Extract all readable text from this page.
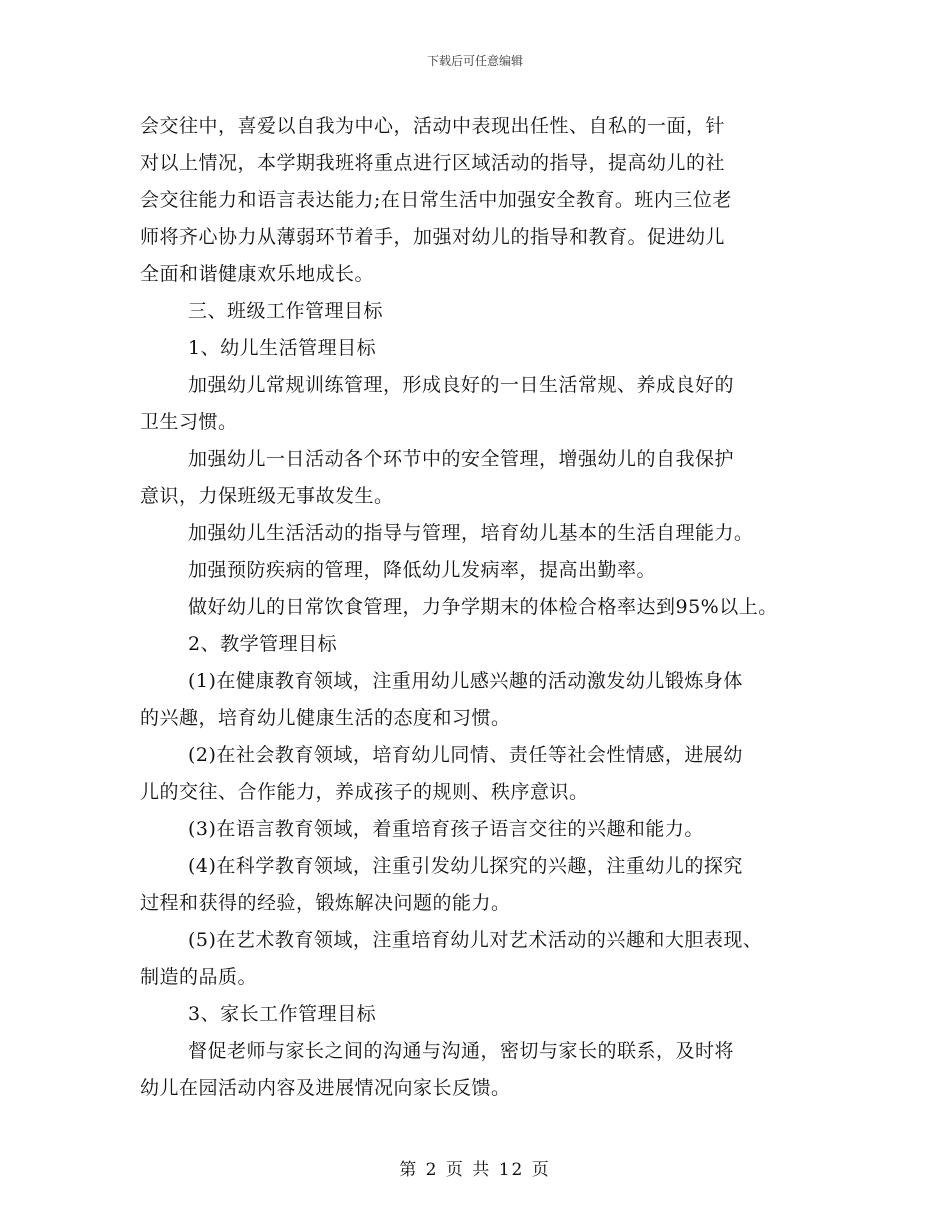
下载后可任意编辑
会交往中，喜爱以自我为中心，活动中表现出任性、自私的一面，针
对以上情况，本学期我班将重点进行区域活动的指导，提高幼儿的社
会交往能力和语言表达能力;在日常生活中加强安全教育。班内三位老
师将齐心协力从薄弱环节着手，加强对幼儿的指导和教育。促进幼儿
全面和谐健康欢乐地成长。
三、班级工作管理目标
1、幼儿生活管理目标
加强幼儿常规训练管理，形成良好的一日生活常规、养成良好的
卫生习惯。
加强幼儿一日活动各个环节中的安全管理，增强幼儿的自我保护
意识，力保班级无事故发生。
加强幼儿生活活动的指导与管理，培育幼儿基本的生活自理能力。
加强预防疾病的管理，降低幼儿发病率，提高出勤率。
做好幼儿的日常饮食管理，力争学期末的体检合格率达到95%以上。
2、教学管理目标
(1)在健康教育领域，注重用幼儿感兴趣的活动激发幼儿锻炼身体
的兴趣，培育幼儿健康生活的态度和习惯。
(2)在社会教育领域，培育幼儿同情、责任等社会性情感，进展幼
儿的交往、合作能力，养成孩子的规则、秩序意识。
(3)在语言教育领域，着重培育孩子语言交往的兴趣和能力。
(4)在科学教育领域，注重引发幼儿探究的兴趣，注重幼儿的探究
过程和获得的经验，锻炼解决问题的能力。
(5)在艺术教育领域，注重培育幼儿对艺术活动的兴趣和大胆表现、
制造的品质。
3、家长工作管理目标
督促老师与家长之间的沟通与沟通，密切与家长的联系，及时将
幼儿在园活动内容及进展情况向家长反馈。
第 2 页 共 12 页
